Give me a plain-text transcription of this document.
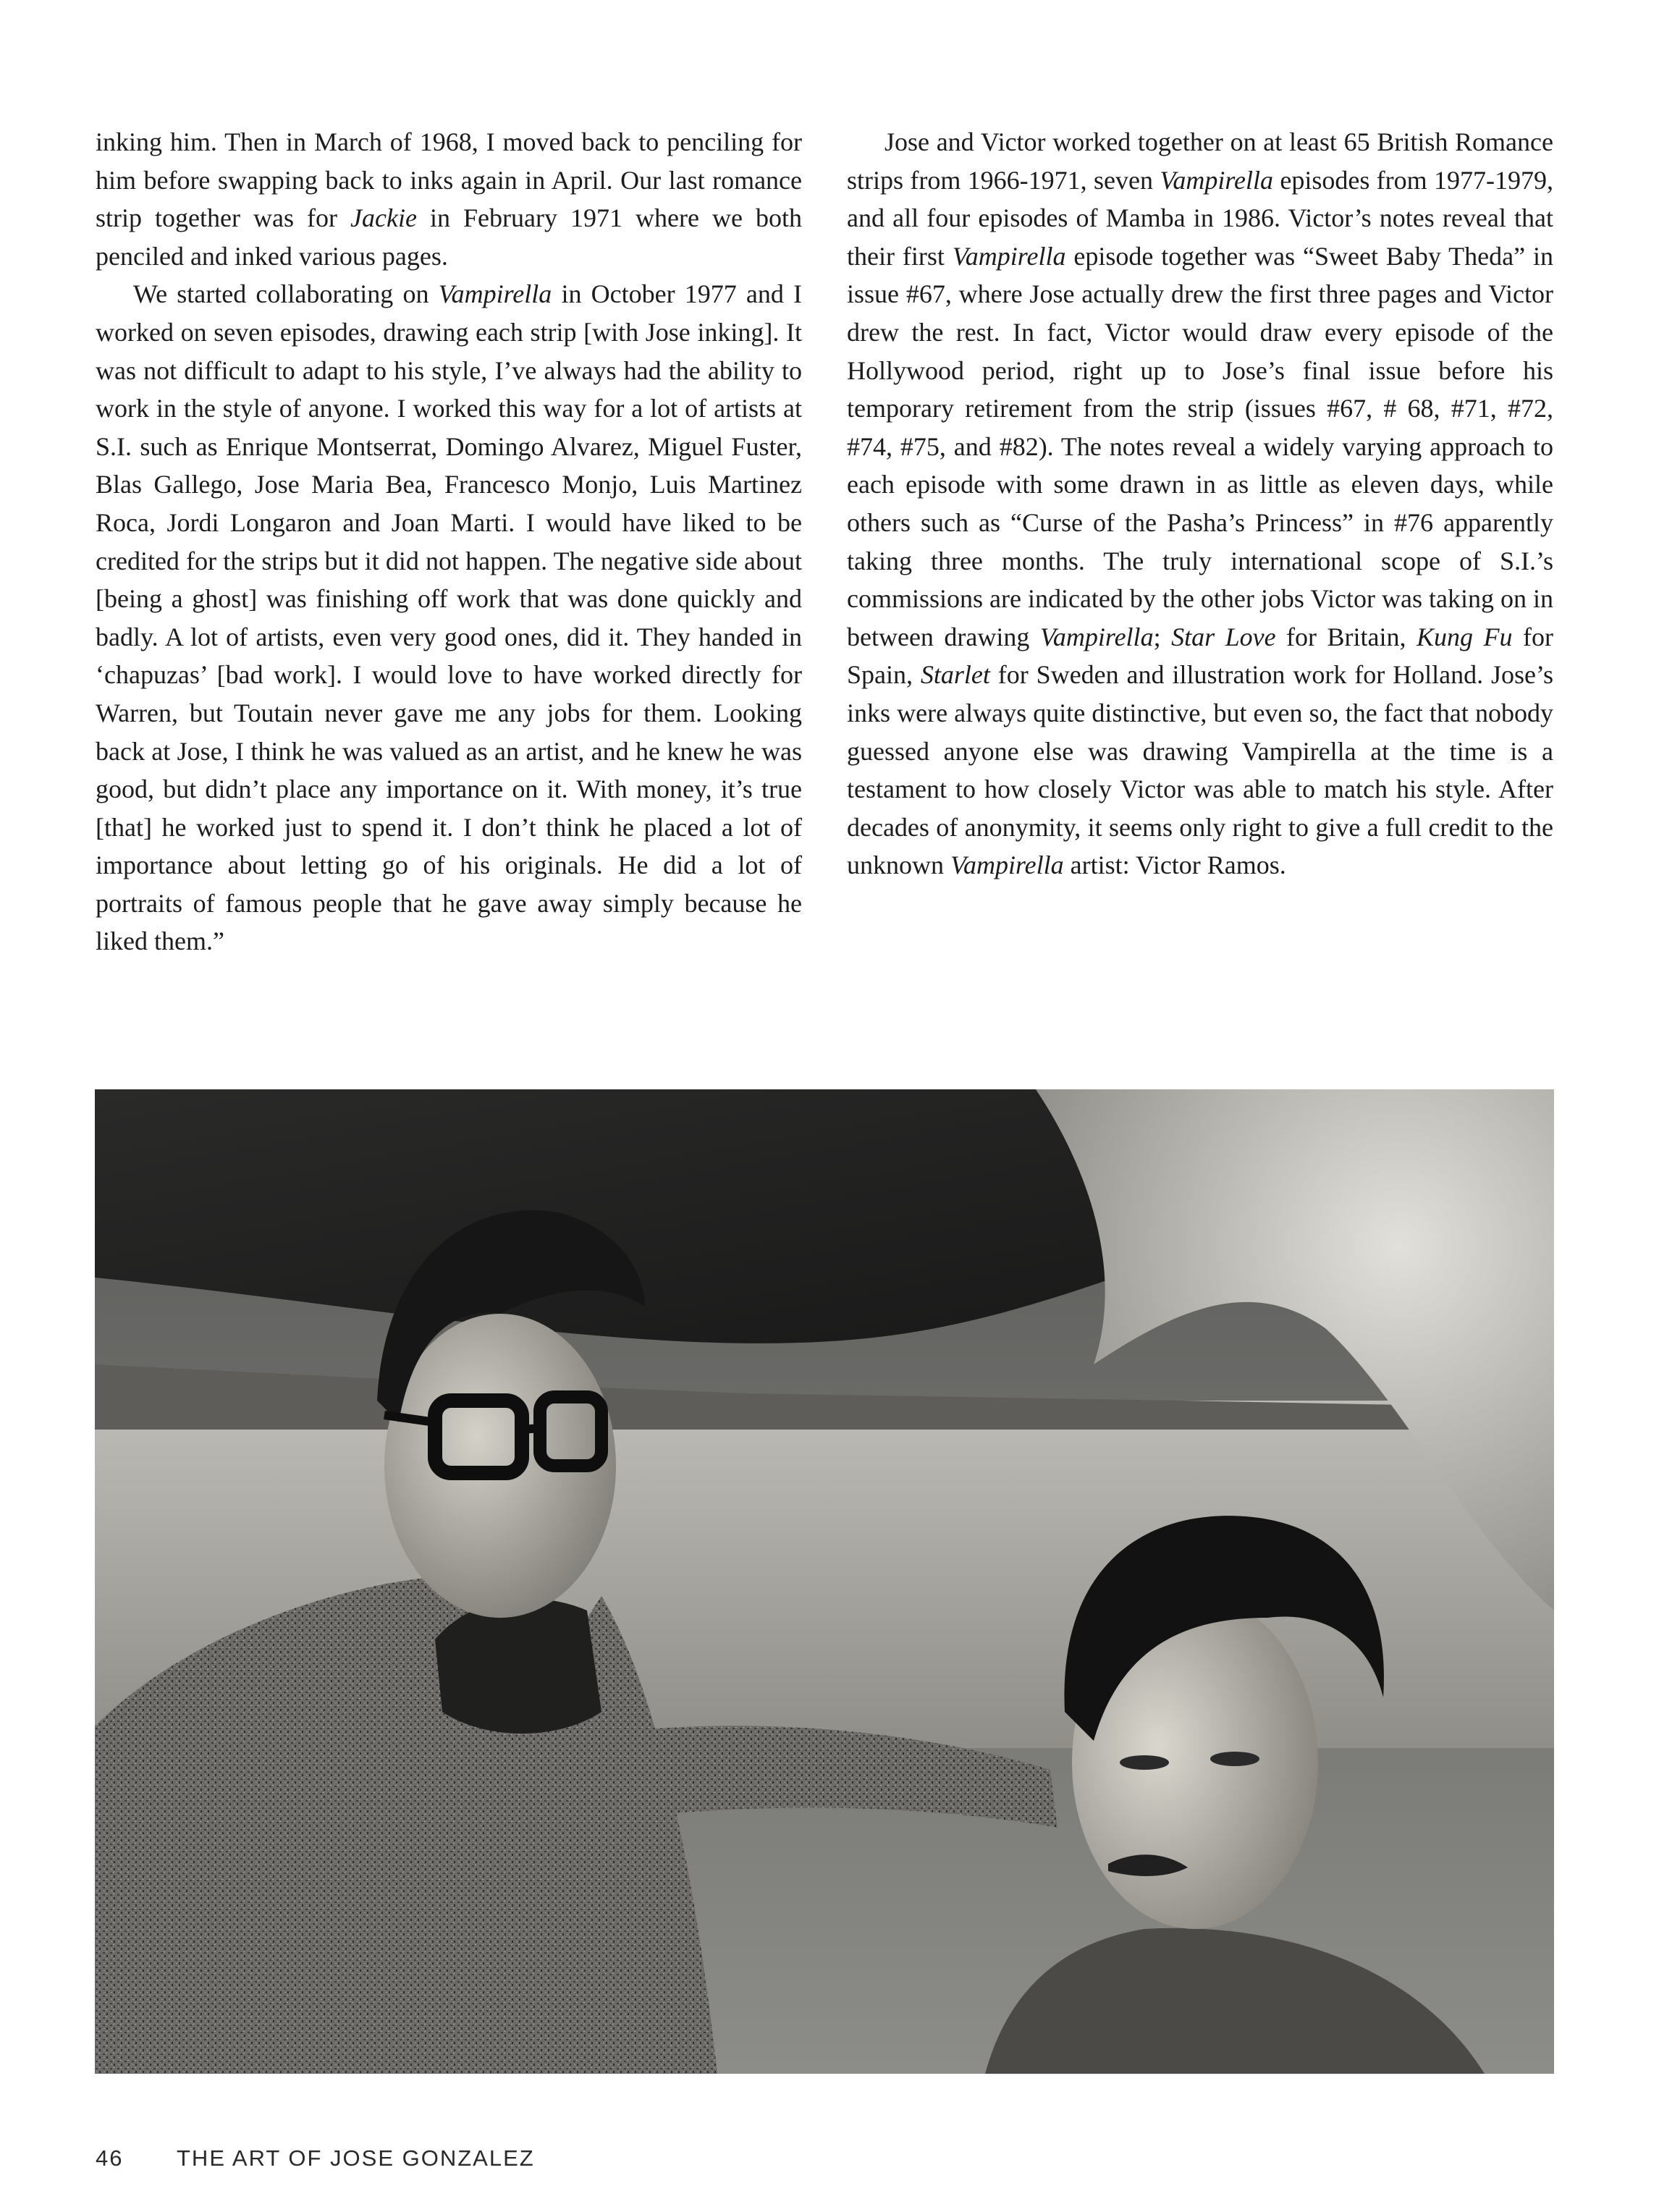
inking him. Then in March of 1968, I moved back to penciling for him before swapping back to inks again in April. Our last romance strip together was for Jackie in February 1971 where we both penciled and inked various pages.

We started collaborating on Vampirella in October 1977 and I worked on seven episodes, drawing each strip [with Jose inking]. It was not difficult to adapt to his style, I’ve always had the ability to work in the style of anyone. I worked this way for a lot of artists at S.I. such as Enrique Montserrat, Domingo Alvarez, Miguel Fuster, Blas Gallego, Jose Maria Bea, Francesco Monjo, Luis Martinez Roca, Jordi Longaron and Joan Marti. I would have liked to be credited for the strips but it did not happen. The negative side about [being a ghost] was finishing off work that was done quickly and badly. A lot of artists, even very good ones, did it. They handed in ‘chapuzas’ [bad work]. I would love to have worked directly for Warren, but Toutain never gave me any jobs for them. Looking back at Jose, I think he was valued as an artist, and he knew he was good, but didn’t place any importance on it. With money, it’s true [that] he worked just to spend it. I don’t think he placed a lot of importance about letting go of his originals. He did a lot of portraits of famous people that he gave away simply because he liked them.”

Jose and Victor worked together on at least 65 British Romance strips from 1966-1971, seven Vampirella episodes from 1977-1979, and all four episodes of Mamba in 1986. Victor’s notes reveal that their first Vampirella episode together was “Sweet Baby Theda” in issue #67, where Jose actually drew the first three pages and Victor drew the rest. In fact, Victor would draw every episode of the Hollywood period, right up to Jose’s final issue before his temporary retirement from the strip (issues #67, # 68, #71, #72, #74, #75, and #82). The notes reveal a widely varying approach to each episode with some drawn in as little as eleven days, while others such as “Curse of the Pasha’s Princess” in #76 apparently taking three months. The truly international scope of S.I.’s commissions are indicated by the other jobs Victor was taking on in between drawing Vampirella; Star Love for Britain, Kung Fu for Spain, Starlet for Sweden and illustration work for Holland. Jose’s inks were always quite distinctive, but even so, the fact that nobody guessed anyone else was drawing Vampirella at the time is a testament to how closely Victor was able to match his style. After decades of anonymity, it seems only right to give a full credit to the unknown Vampirella artist: Victor Ramos.

46 THE ART OF JOSE GONZALEZ
